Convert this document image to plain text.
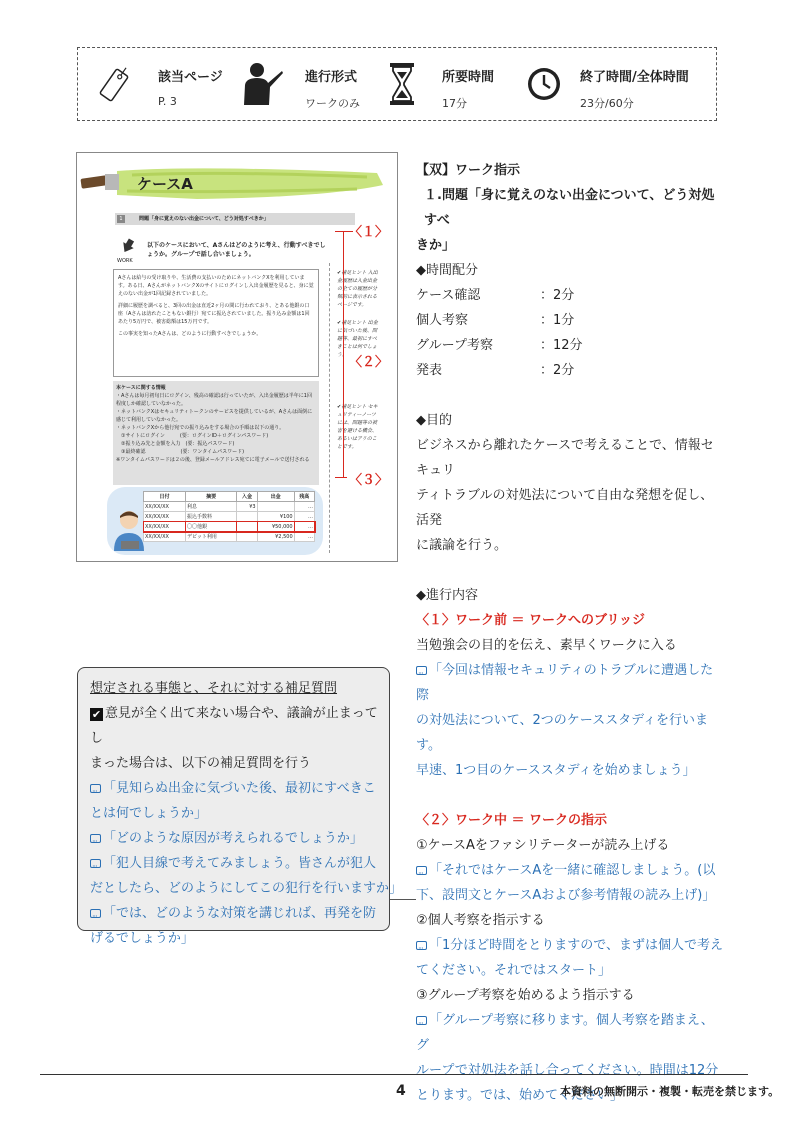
該当ページ
P. 3
進行形式
ワークのみ
所要時間
17分
終了時間/全体時間
23分/60分
ケースA
1	問題「身に覚えのない出金について、どう対処すべきか」
WORK
以下のケースにおいて、Aさんはどのように考え、行動すべきでしょうか。グループで話し合いましょう。
Aさんは給与の受け取りや、生活費の支払いのためにネットバンクXを利用しています。ある日、AさんがネットバンクXのサイトにログインし入出金履歴を見ると、身に覚えのない出金が1回記録されていました。
詳細に履歴を調べると、3回の出金は直近2ヶ月の間に行われており、とある他銀の口座（Aさんは訪れたこともない銀行）宛てに振込されていました。振り込み金額は1回あたり5万円で、被害総額は15万円です。
この事実を知ったAさんは、どのように行動すべきでしょうか。
本ケースに関する情報
・Aさんは毎月初旬日にログイン、残高の確認は行っていたが、入出金履歴は半年に1回程度しか確認していなかった。
・ネットバンクXはセキュリティトークンのサービスを提供しているが、Aさんは面倒に感じて利用していなかった。
・ネットバンクXから他行宛での振り込みをする場合の手順は以下の通り。
　①サイトにログイン　　　(要：ログインID＋ログインパスワード)
　②振り込み先と金額を入力　(要：振込パスワード)
　③最終確認　　　　　　　(要：ワンタイムパスワード)
※ワンタイムパスワードは２の後、登録メールアドレス宛てに電子メールで送付される
✔補足ヒント 入出金履歴は入金出金の全ての履歴が分類的に表示されるページです。
✔補足ヒント 出金に気づいた後、問題等、最初にすべきことは何でしょう。
✔補足ヒント セキュリティーノーツには、問題等の被害を避ける機会、あるいはアリのことです。
日付	摘要	入金	出金	残高
XX/XX/XX	利息	¥3		…
XX/XX/XX	振込手数料		¥100	…
XX/XX/XX	〇〇他銀		¥50,000	…
XX/XX/XX	デビット利用		¥2,500	…
〈１〉
〈２〉
〈３〉
【双】ワーク指示
１.問題「身に覚えのない出金について、どう対処すべ
きか」
◆時間配分
ケース確認	：2分
個人考察	：1分
グループ考察	：12分
発表	：2分
◆目的
ビジネスから離れたケースで考えることで、情報セキュリ
ティトラブルの対処法について自由な発想を促し、活発
に議論を行う。
◆進行内容
〈１〉ワーク前 ＝ ワークへのブリッジ
当勉強会の目的を伝え、素早くワークに入る
···「今回は情報セキュリティのトラブルに遭遇した際
の対処法について、2つのケーススタディを行います。
早速、1つ目のケーススタディを始めましょう」
〈２〉ワーク中 ＝ ワークの指示
①ケースAをファシリテーターが読み上げる
···「それではケースAを一緒に確認しましょう。(以
下、設問文とケースAおよび参考情報の読み上げ)」
②個人考察を指示する
···「1分ほど時間をとりますので、まずは個人で考え
てください。それではスタート」
③グループ考察を始めるよう指示する
···「グループ考察に移ります。個人考察を踏まえ、グ
ループで対処法を話し合ってください。時間は12分
とります。では、始めてください」
想定される事態と、それに対する補足質問
✔ 意見が全く出て来ない場合や、議論が止まってし
まった場合は、以下の補足質問を行う
···「見知らぬ出金に気づいた後、最初にすべきこ
とは何でしょうか」
···「どのような原因が考えられるでしょうか」
···「犯人目線で考えてみましょう。皆さんが犯人
だとしたら、どのようにしてこの犯行を行いますか」
···「では、どのような対策を講じれば、再発を防
げるでしょうか」
4	本資料の無断開示・複製・転売を禁じます。
